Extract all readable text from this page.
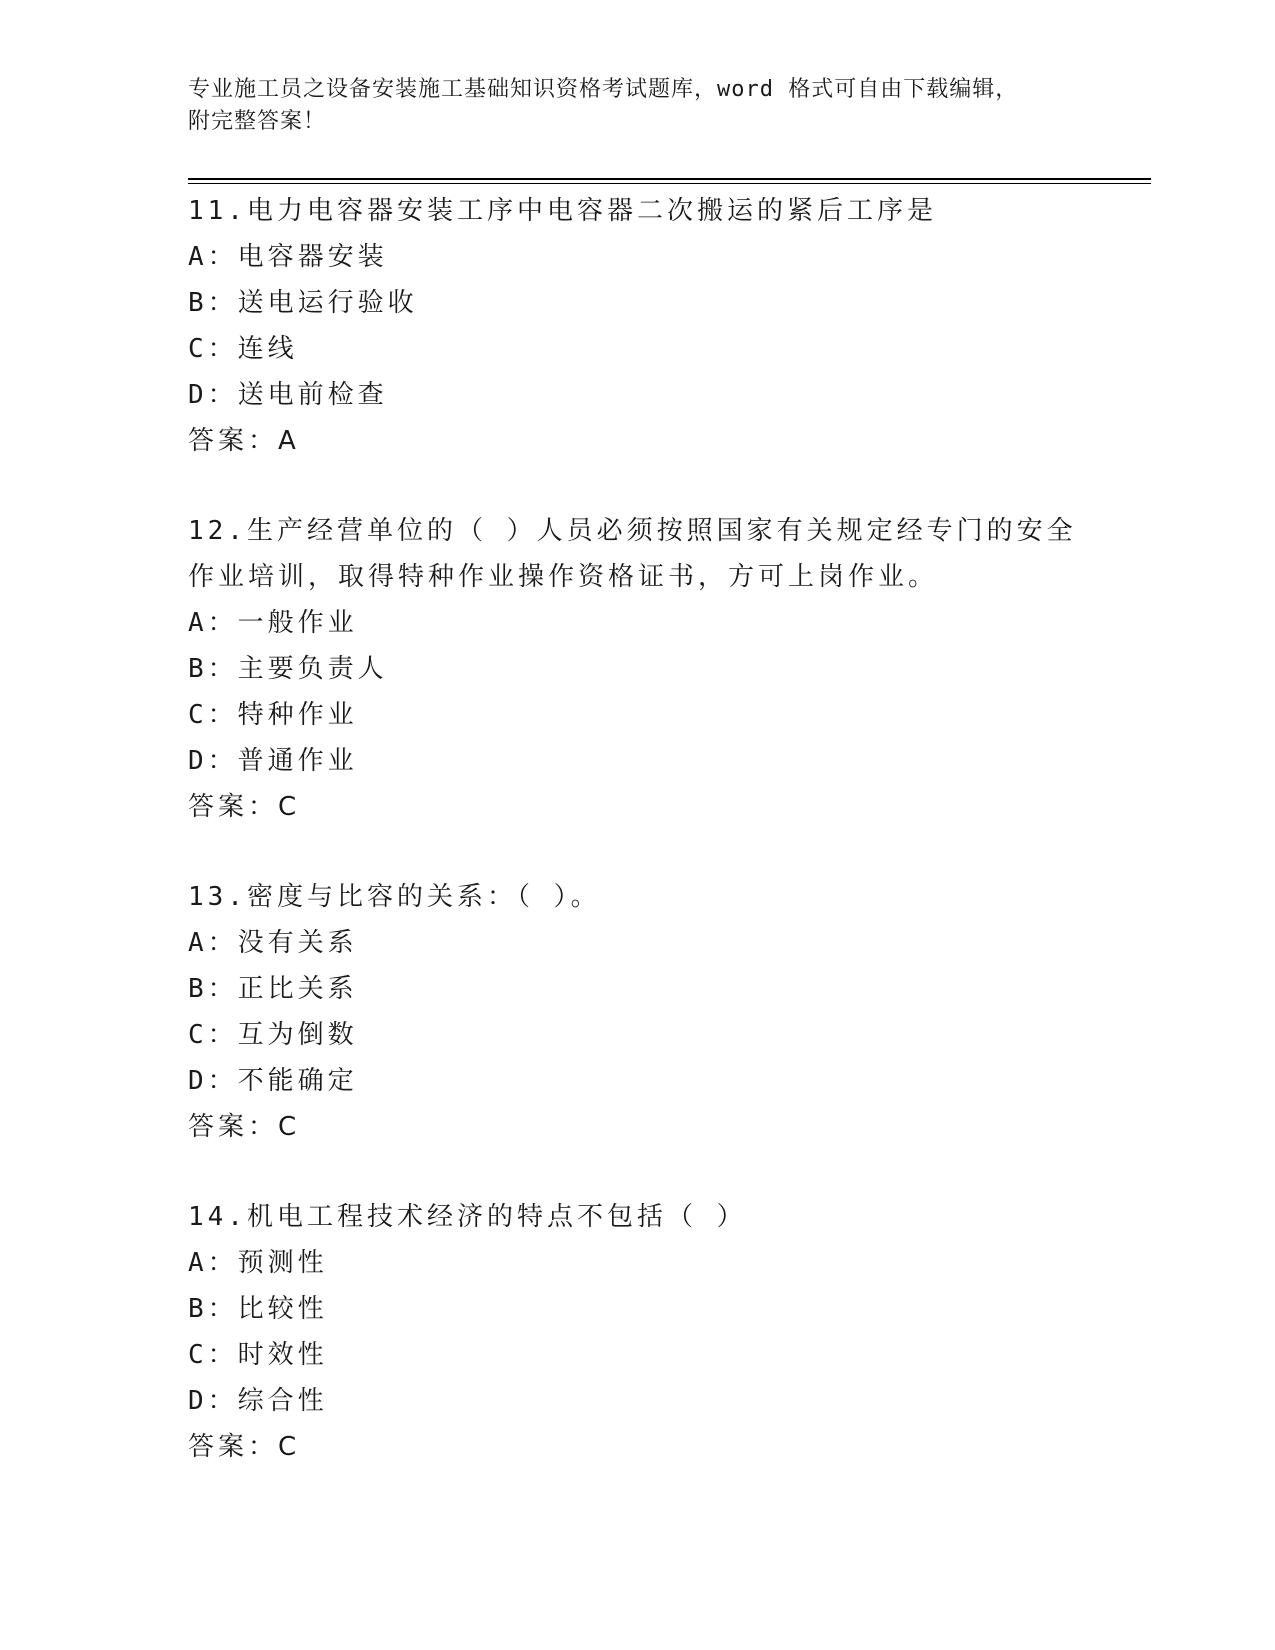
专业施工员之设备安装施工基础知识资格考试题库，word 格式可自由下载编辑，
附完整答案！
11.电力电容器安装工序中电容器二次搬运的紧后工序是
A：电容器安装
B：送电运行验收
C：连线
D：送电前检查
答案：A
12.生产经营单位的（ ）人员必须按照国家有关规定经专门的安全作业培训，取得特种作业操作资格证书，方可上岗作业。
A：一般作业
B：主要负责人
C：特种作业
D：普通作业
答案：C
13.密度与比容的关系：（ ）。
A：没有关系
B：正比关系
C：互为倒数
D：不能确定
答案：C
14.机电工程技术经济的特点不包括（ ）
A：预测性
B：比较性
C：时效性
D：综合性
答案：C
